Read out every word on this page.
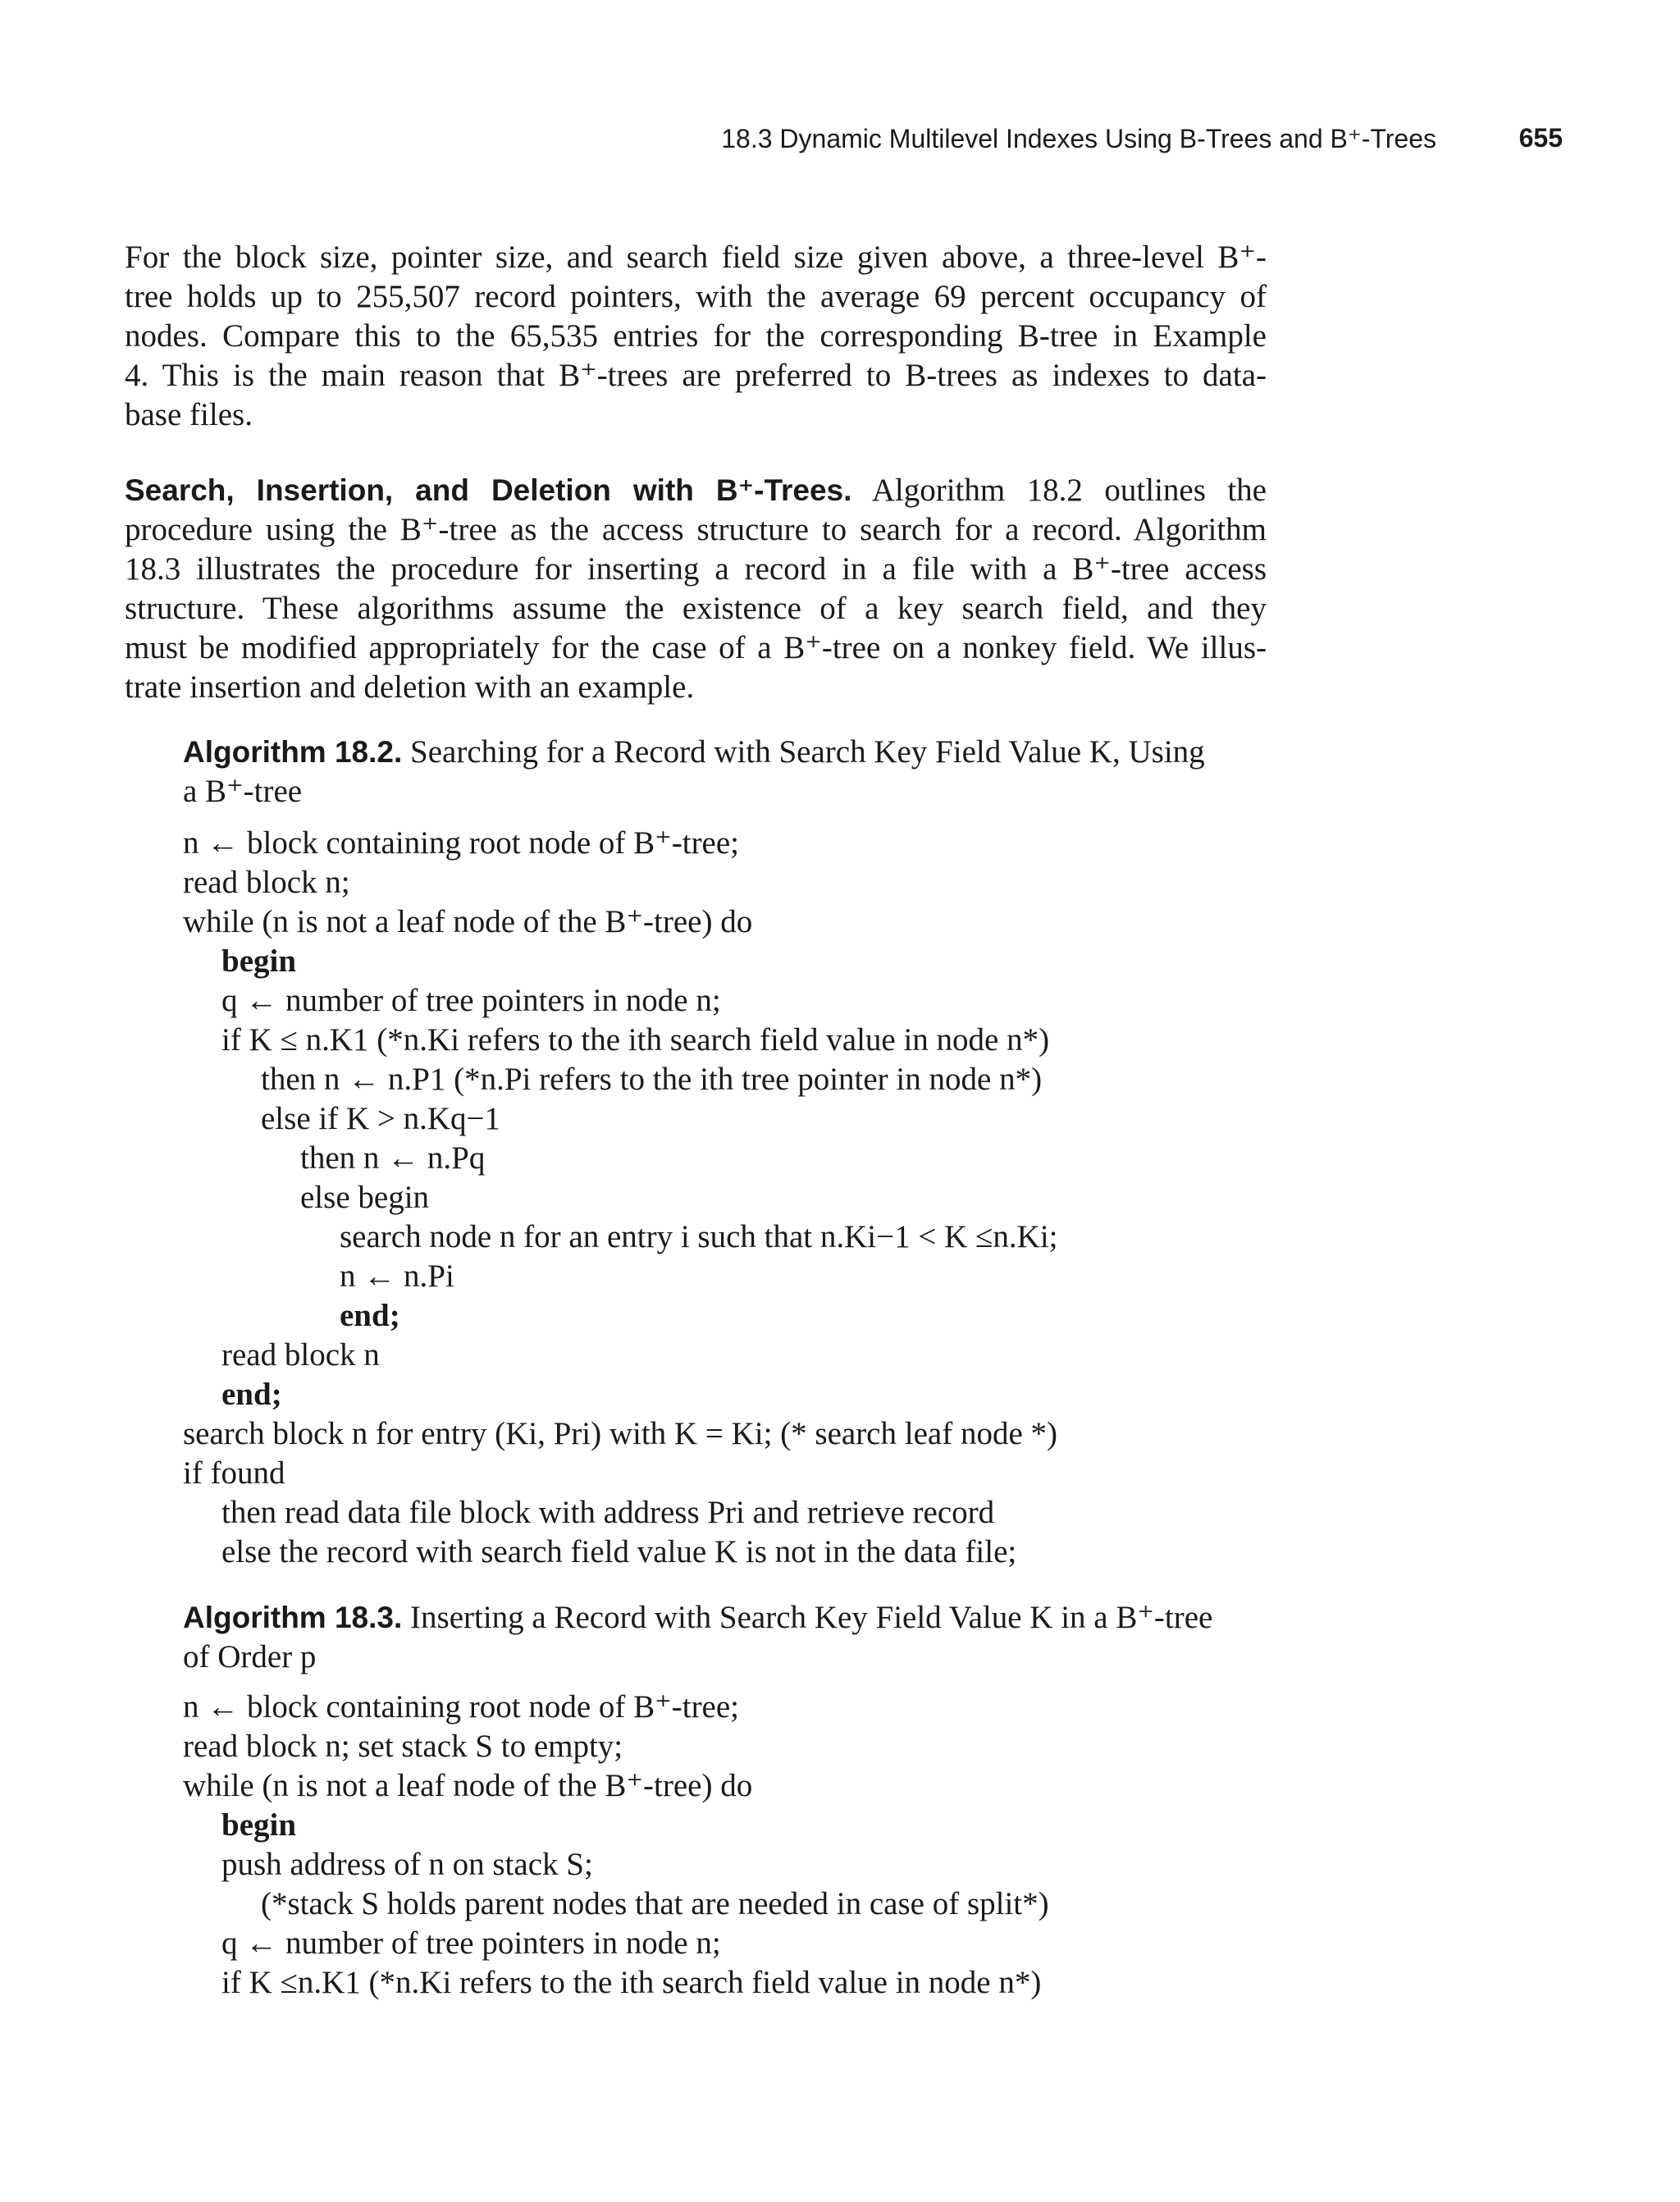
18.3 Dynamic Multilevel Indexes Using B-Trees and B⁺-Trees	655

For the block size, pointer size, and search field size given above, a three-level B⁺-
tree holds up to 255,507 record pointers, with the average 69 percent occupancy of
nodes. Compare this to the 65,535 entries for the corresponding B-tree in Example
4. This is the main reason that B⁺-trees are preferred to B-trees as indexes to data-
base files.

Search, Insertion, and Deletion with B⁺-Trees. Algorithm 18.2 outlines the
procedure using the B⁺-tree as the access structure to search for a record. Algorithm
18.3 illustrates the procedure for inserting a record in a file with a B⁺-tree access
structure. These algorithms assume the existence of a key search field, and they
must be modified appropriately for the case of a B⁺-tree on a nonkey field. We illus-
trate insertion and deletion with an example.

Algorithm 18.2. Searching for a Record with Search Key Field Value K, Using
a B⁺-tree
n ← block containing root node of B⁺-tree;
read block n;
while (n is not a leaf node of the B⁺-tree) do
begin
q ← number of tree pointers in node n;
if K ≤ n.K1 (*n.Ki refers to the ith search field value in node n*)
then n ← n.P1 (*n.Pi refers to the ith tree pointer in node n*)
else if K > n.Kq−1
then n ← n.Pq
else begin
search node n for an entry i such that n.Ki−1 < K ≤n.Ki;
n ← n.Pi
end;
read block n
end;
search block n for entry (Ki, Pri) with K = Ki; (* search leaf node *)
if found
then read data file block with address Pri and retrieve record
else the record with search field value K is not in the data file;
Algorithm 18.3. Inserting a Record with Search Key Field Value K in a B⁺-tree
of Order p
n ← block containing root node of B⁺-tree;
read block n; set stack S to empty;
while (n is not a leaf node of the B⁺-tree) do
begin
push address of n on stack S;
(*stack S holds parent nodes that are needed in case of split*)
q ← number of tree pointers in node n;
if K ≤n.K1 (*n.Ki refers to the ith search field value in node n*)
